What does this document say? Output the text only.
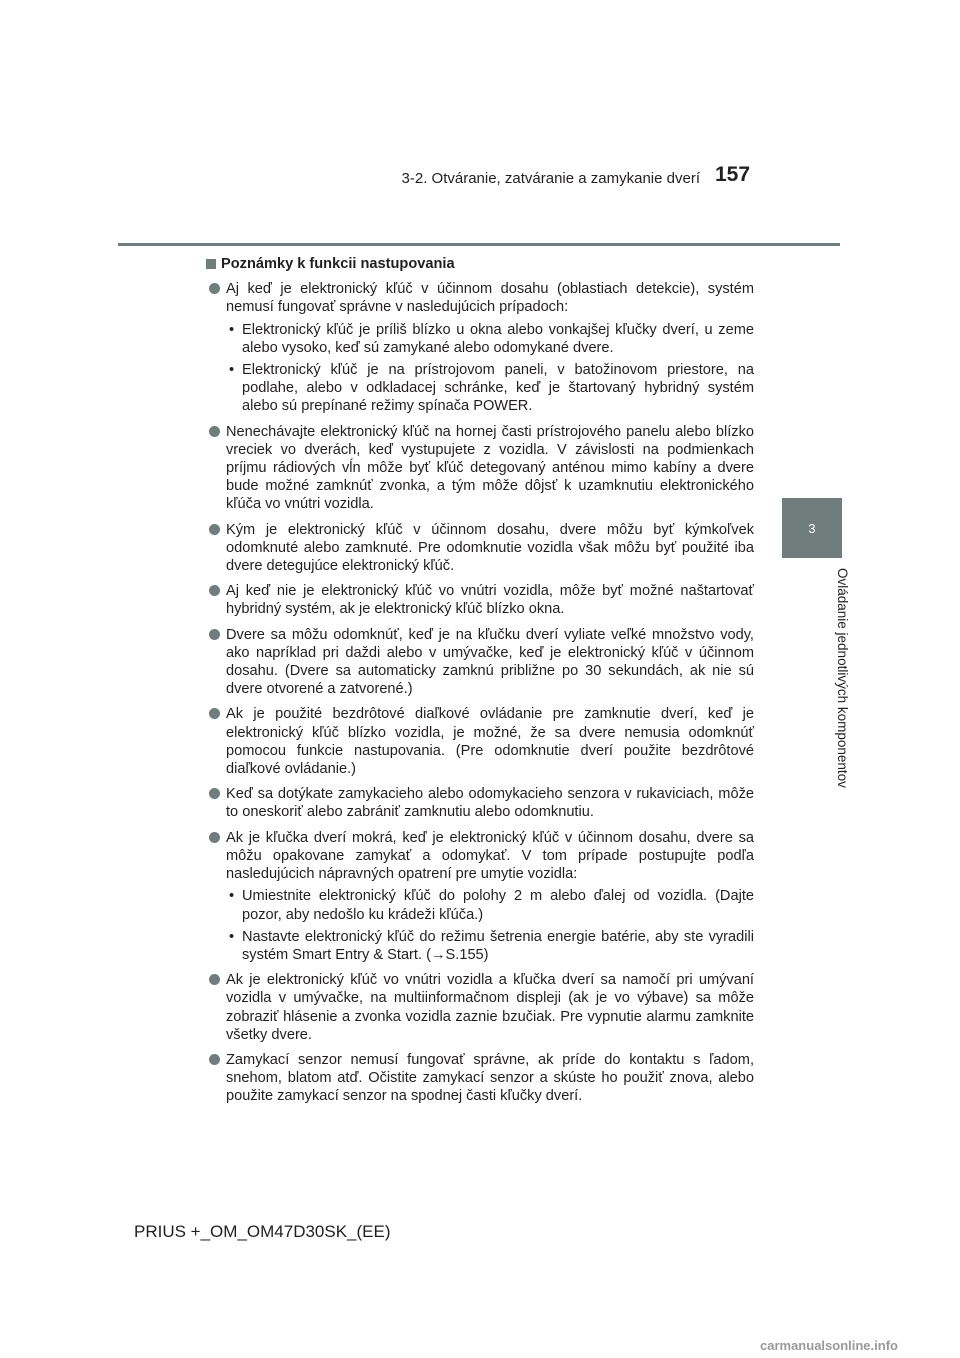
3-2. Otváranie, zatváranie a zamykanie dverí 157
3
Ovládanie jednotlivých komponentov
Poznámky k funkcii nastupovania
Aj keď je elektronický kľúč v účinnom dosahu (oblastiach detekcie), systém nemusí fungovať správne v nasledujúcich prípadoch:
• Elektronický kľúč je príliš blízko u okna alebo vonkajšej kľučky dverí, u zeme alebo vysoko, keď sú zamykané alebo odomykané dvere.
• Elektronický kľúč je na prístrojovom paneli, v batožinovom priestore, na podlahe, alebo v odkladacej schránke, keď je štartovaný hybridný systém alebo sú prepínané režimy spínača POWER.
Nenechávajte elektronický kľúč na hornej časti prístrojového panelu alebo blízko vreciek vo dverách, keď vystupujete z vozidla. V závislosti na podmienkach príjmu rádiových vĺn môže byť kľúč detegovaný anténou mimo kabíny a dvere bude možné zamknúť zvonka, a tým môže dôjsť k uzamknutiu elektronického kľúča vo vnútri vozidla.
Kým je elektronický kľúč v účinnom dosahu, dvere môžu byť kýmkoľvek odomknuté alebo zamknuté. Pre odomknutie vozidla však môžu byť použité iba dvere detegujúce elektronický kľúč.
Aj keď nie je elektronický kľúč vo vnútri vozidla, môže byť možné naštartovať hybridný systém, ak je elektronický kľúč blízko okna.
Dvere sa môžu odomknúť, keď je na kľučku dverí vyliate veľké množstvo vody, ako napríklad pri daždi alebo v umývačke, keď je elektronický kľúč v účinnom dosahu. (Dvere sa automaticky zamknú približne po 30 sekundách, ak nie sú dvere otvorené a zatvorené.)
Ak je použité bezdrôtové diaľkové ovládanie pre zamknutie dverí, keď je elektronický kľúč blízko vozidla, je možné, že sa dvere nemusia odomknúť pomocou funkcie nastupovania. (Pre odomknutie dverí použite bezdrôtové diaľkové ovládanie.)
Keď sa dotýkate zamykacieho alebo odomykacieho senzora v rukaviciach, môže to oneskoriť alebo zabrániť zamknutiu alebo odomknutiu.
Ak je kľučka dverí mokrá, keď je elektronický kľúč v účinnom dosahu, dvere sa môžu opakovane zamykať a odomykať. V tom prípade postupujte podľa nasledujúcich nápravných opatrení pre umytie vozidla:
• Umiestnite elektronický kľúč do polohy 2 m alebo ďalej od vozidla. (Dajte pozor, aby nedošlo ku krádeži kľúča.)
• Nastavte elektronický kľúč do režimu šetrenia energie batérie, aby ste vyradili systém Smart Entry & Start. (→S.155)
Ak je elektronický kľúč vo vnútri vozidla a kľučka dverí sa namočí pri umývaní vozidla v umývačke, na multiinformačnom displeji (ak je vo výbave) sa môže zobraziť hlásenie a zvonka vozidla zaznie bzučiak. Pre vypnutie alarmu zamknite všetky dvere.
Zamykací senzor nemusí fungovať správne, ak príde do kontaktu s ľadom, snehom, blatom atď. Očistite zamykací senzor a skúste ho použiť znova, alebo použite zamykací senzor na spodnej časti kľučky dverí.
PRIUS +_OM_OM47D30SK_(EE)
carmanualsonline.info
